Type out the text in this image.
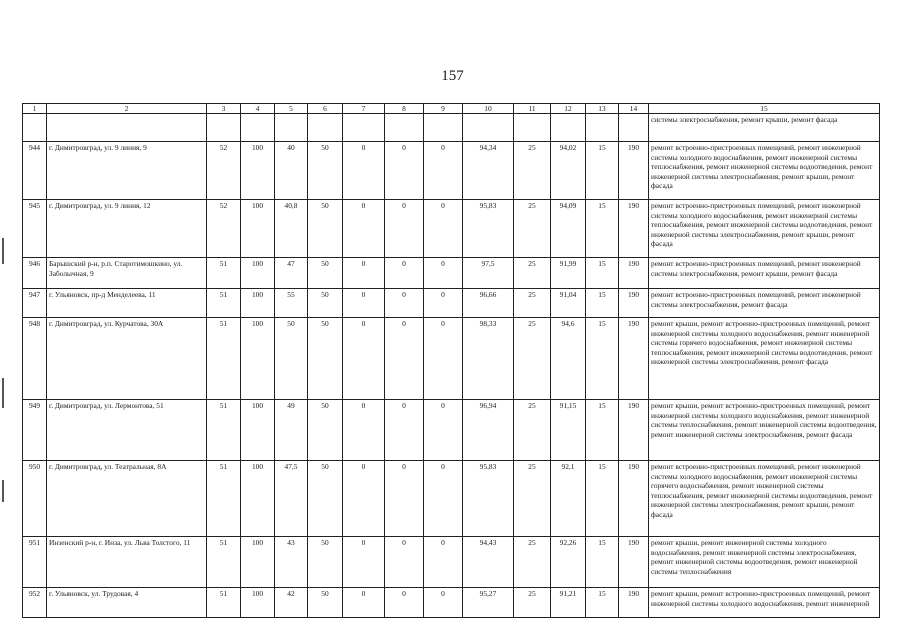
157
1	2	3	4	5	6	7	8	9	10	11	12	13	14	15
														системы электроснабжения, ремонт крыши, ремонт фасада
944	г. Димитровград, ул. 9 линия, 9	52	100	40	50	0	0	0	94,34	25	94,02	15	190	ремонт встроенно-пристроенных помещений, ремонт инженерной системы холодного водоснабжения, ремонт инженерной системы теплоснабжения, ремонт инженерной системы водоотведения, ремонт инженерной системы электроснабжения, ремонт крыши, ремонт фасада
945	г. Димитровград, ул. 9 линия, 12	52	100	40,8	50	0	0	0	95,83	25	94,09	15	190	ремонт встроенно-пристроенных помещений, ремонт инженерной системы холодного водоснабжения, ремонт инженерной системы теплоснабжения, ремонт инженерной системы водоотведения, ремонт инженерной системы электроснабжения, ремонт крыши, ремонт фасада
946	Барышский р-н, р.п. Старотимошкино, ул. Заболычная, 9	51	100	47	50	0	0	0	97,5	25	91,99	15	190	ремонт встроенно-пристроенных помещений, ремонт инженерной системы электроснабжения, ремонт крыши, ремонт фасада
947	г. Ульяновск, пр-д Менделеева, 11	51	100	55	50	0	0	0	96,66	25	91,04	15	190	ремонт встроенно-пристроенных помещений, ремонт инженерной системы электроснабжения, ремонт фасада
948	г. Димитровград, ул. Курчатова, 30А	51	100	50	50	0	0	0	98,33	25	94,6	15	190	ремонт крыши, ремонт встроенно-пристроенных помещений, ремонт инженерной системы холодного водоснабжения, ремонт инженерной системы горячего водоснабжения, ремонт инженерной системы теплоснабжения, ремонт инженерной системы водоотведения, ремонт инженерной системы электроснабжения, ремонт фасада
949	г. Димитровград, ул. Лермонтова, 51	51	100	49	50	0	0	0	96,94	25	91,15	15	190	ремонт крыши, ремонт встроенно-пристроенных помещений, ремонт инженерной системы холодного водоснабжения, ремонт инженерной системы теплоснабжения, ремонт инженерной системы водоотведения, ремонт инженерной системы электроснабжения, ремонт фасада
950	г. Димитровград, ул. Театральная, 8А	51	100	47,5	50	0	0	0	95,83	25	92,1	15	190	ремонт встроенно-пристроенных помещений, ремонт инженерной системы холодного водоснабжения, ремонт инженерной системы горячего водоснабжения, ремонт инженерной системы теплоснабжения, ремонт инженерной системы водоотведения, ремонт инженерной системы электроснабжения, ремонт крыши, ремонт фасада
951	Инзенский р-н, г. Инза, ул. Льва Толстого, 11	51	100	43	50	0	0	0	94,43	25	92,26	15	190	ремонт крыши, ремонт инженерной системы холодного водоснабжения, ремонт инженерной системы электроснабжения, ремонт инженерной системы водоотведения, ремонт инженерной системы теплоснабжения
952	г. Ульяновск, ул. Трудовая, 4	51	100	42	50	0	0	0	95,27	25	91,21	15	190	ремонт крыши, ремонт встроенно-пристроенных помещений, ремонт инженерной системы холодного водоснабжения, ремонт инженерной
